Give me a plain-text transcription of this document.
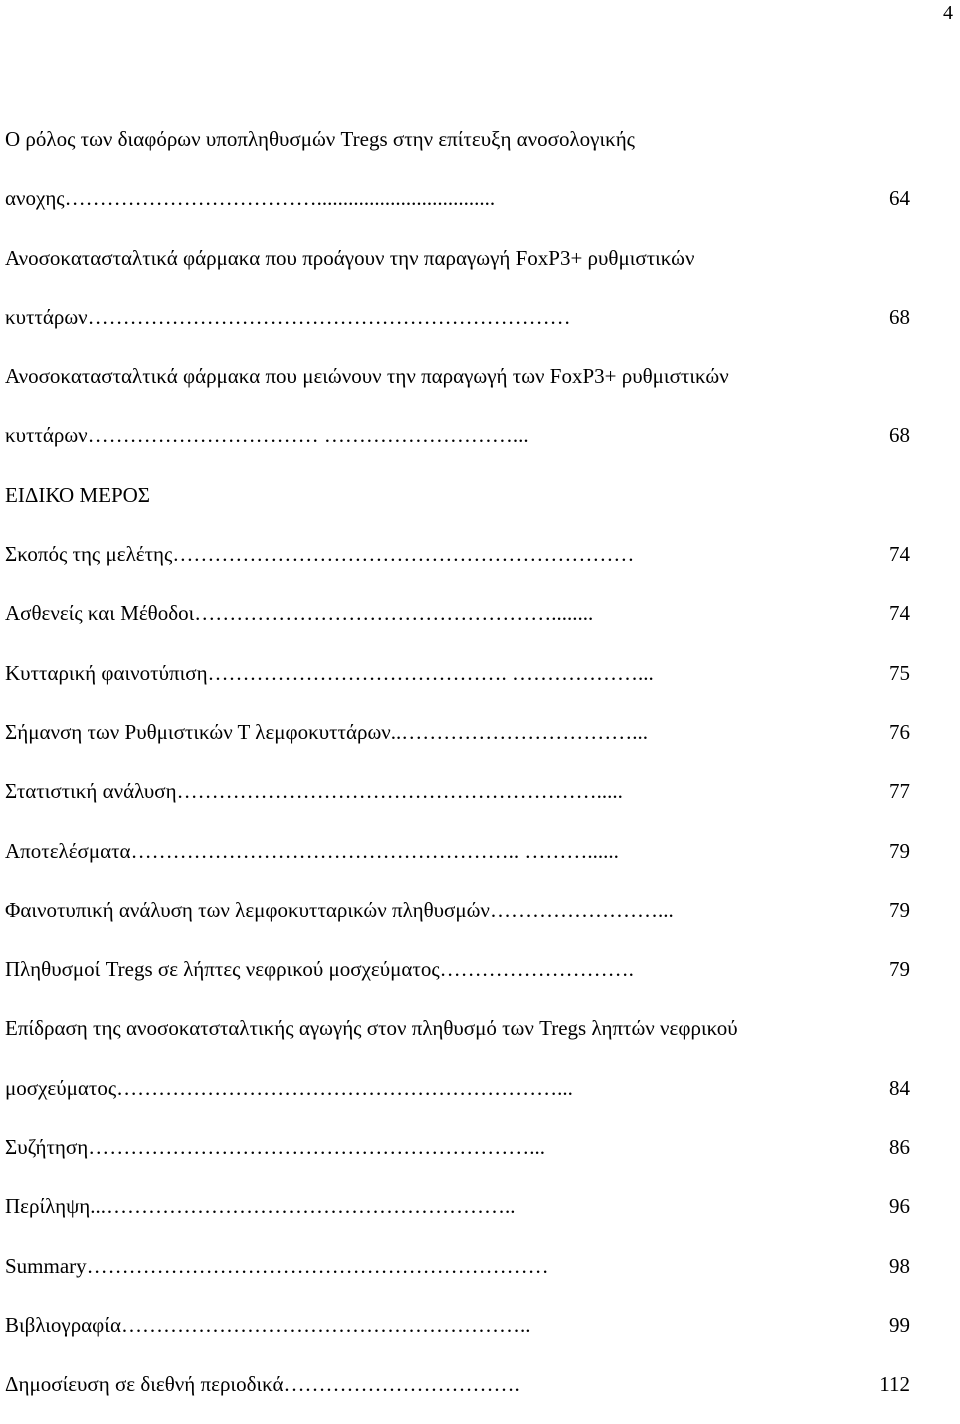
4
Ο ρόλος των διαφόρων υποπληθυσμών Tregs στην επίτευξη ανοσολογικής
ανοχης ………………………………..................................	64
Ανοσοκατασταλτικά φάρμακα που προάγουν την παραγωγή FoxP3+ ρυθμιστικών
κυττάρων ……………………………………………………………	68
Ανοσοκατασταλτικά φάρμακα που μειώνουν την παραγωγή των FoxP3+ ρυθμιστικών
κυττάρων …………………………… ………………………...	68
ΕΙΔΙΚΟ ΜΕΡΟΣ
Σκοπός της μελέτης …………………………………………………………	74
Ασθενείς και Μέθοδοι ……………………………………………........	74
Κυτταρική φαινοτύπιση ……………………………………. ………………...	75
Σήμανση των Ρυθμιστικών Τ λεμφοκυττάρων ..……………………………...	76
Στατιστική ανάλυση …………………………………………………….....	77
Αποτελέσματα ……………………………………………….. ………......	79
Φαινοτυπική ανάλυση των λεμφοκυτταρικών πληθυσμών ……………………...	79
Πληθυσμοί Tregs σε λήπτες νεφρικού μοσχεύματος ……………………….	79
Επίδραση της ανοσοκατσταλτικής αγωγής στον πληθυσμό των Tregs ληπτών νεφρικού
μοσχεύματος ………………………………………………………...	84
Συζήτηση ………………………………………………………...	86
Περίληψη ...…………………………………………………..	96
Summary …………………………………………………………	98
Βιβλιογραφία …………………………………………………..	99
Δημοσίευση σε διεθνή περιοδικά …………………………….	112
